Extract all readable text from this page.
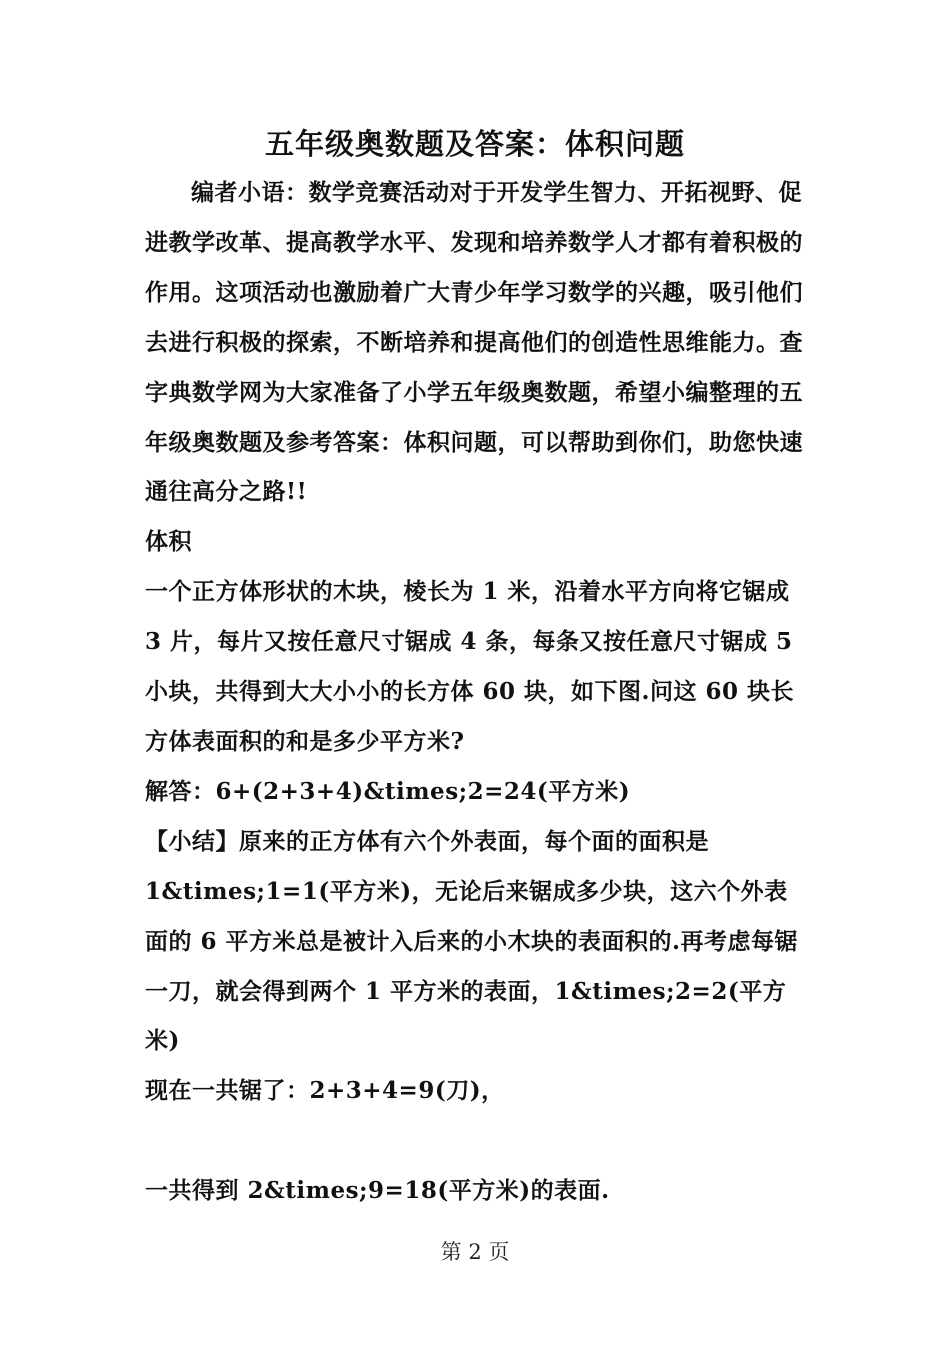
五年级奥数题及答案：体积问题

编者小语：数学竞赛活动对于开发学生智力、开拓视野、促进教学改革、提高教学水平、发现和培养数学人才都有着积极的作用。这项活动也激励着广大青少年学习数学的兴趣，吸引他们去进行积极的探索，不断培养和提高他们的创造性思维能力。查字典数学网为大家准备了小学五年级奥数题，希望小编整理的五年级奥数题及参考答案：体积问题，可以帮助到你们，助您快速通往高分之路!!

体积

一个正方体形状的木块，棱长为 1 米，沿着水平方向将它锯成 3 片，每片又按任意尺寸锯成 4 条，每条又按任意尺寸锯成 5 小块，共得到大大小小的长方体 60 块，如下图.问这 60 块长方体表面积的和是多少平方米?

解答：6+(2+3+4)&times;2=24(平方米)

【小结】原来的正方体有六个外表面，每个面的面积是 1&times;1=1(平方米)，无论后来锯成多少块，这六个外表面的 6 平方米总是被计入后来的小木块的表面积的.再考虑每锯一刀，就会得到两个 1 平方米的表面，1&times;2=2(平方米)

现在一共锯了：2+3+4=9(刀)，

一共得到 2&times;9=18(平方米)的表面.

第 2 页
